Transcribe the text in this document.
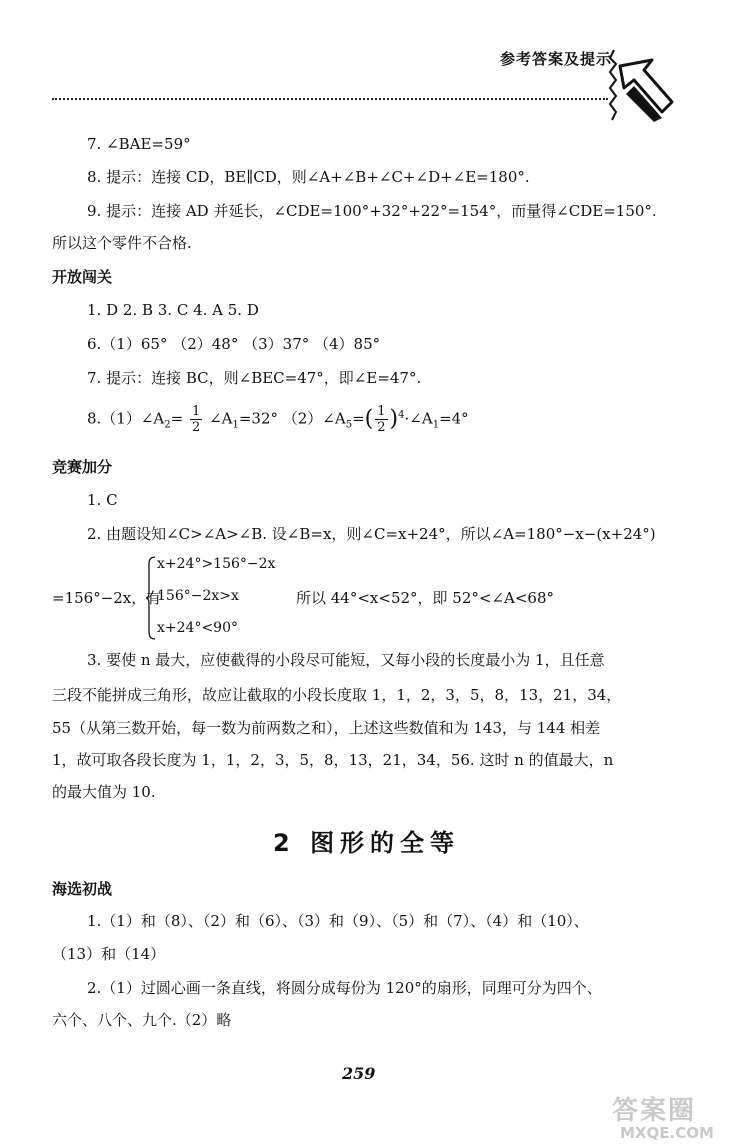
参考答案及提示
7. ∠BAE=59°
8. 提示：连接 CD，BE∥CD，则∠A+∠B+∠C+∠D+∠E=180°.
9. 提示：连接 AD 并延长，∠CDE=100°+32°+22°=154°，而量得∠CDE=150°.
所以这个零件不合格.
开放闯关
1. D 2. B 3. C 4. A 5. D
6.（1）65° （2）48° （3）37° （4）85°
7. 提示：连接 BC，则∠BEC=47°，即∠E=47°.
$8.(1)\angle A_2= \frac{1}{2}$ $\angle A_1=32^\circ$ $(2)\angle A_5=( \frac{1}{2}$ )$^4\cdot\angle A_1=4^\circ$
竞赛加分
1. C
2. 由题设知∠C>∠A>∠B. 设∠B=x，则∠C=x+24°，所以∠A=180°−x−(x+24°)
=156°−2x，有
x+24°>156°−2x
156°−2x>x
x+24°<90°
所以 44°<x<52°，即 52°<∠A<68°
3. 要使 n 最大，应使截得的小段尽可能短，又每小段的长度最小为 1，且任意
三段不能拼成三角形，故应让截取的小段长度取 1，1，2，3，5，8，13，21，34，
55（从第三数开始，每一数为前两数之和），上述这些数值和为 143，与 144 相差
1，故可取各段长度为 1，1，2，3，5，8，13，21，34，56. 这时 n 的值最大，n
的最大值为 10.
2 图形的全等
海选初战
1.（1）和（8）、（2）和（6）、（3）和（9）、（5）和（7）、（4）和（10）、
（13）和（14）
2.（1）过圆心画一条直线，将圆分成每份为 120°的扇形，同理可分为四个、
六个、八个、九个.（2）略
259
答案圈
MXQE.COM
